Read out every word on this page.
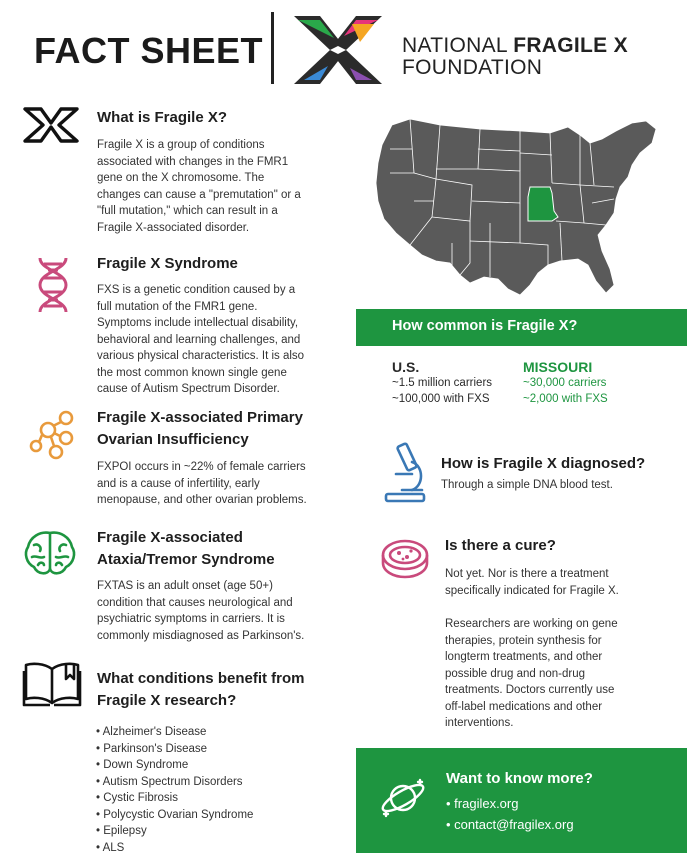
FACT SHEET	NATIONAL FRAGILE X
FOUNDATION
What is Fragile X?
Fragile X is a group of conditions
associated with changes in the FMR1
gene on the X chromosome. The
changes can cause a "premutation" or a
"full mutation," which can result in a
Fragile X-associated disorder.
Fragile X Syndrome
FXS is a genetic condition caused by a
full mutation of the FMR1 gene.
Symptoms include intellectual disability,
behavioral and learning challenges, and
various physical characteristics. It is also
the most common known single gene
cause of Autism Spectrum Disorder.
Fragile X-associated Primary
Ovarian Insufficiency
FXPOI occurs in ~22% of female carriers
and is a cause of infertility, early
menopause, and other ovarian problems.
Fragile X-associated
Ataxia/Tremor Syndrome
FXTAS is an adult onset (age 50+)
condition that causes neurological and
psychiatric symptoms in carriers. It is
commonly misdiagnosed as Parkinson's.
What conditions benefit from
Fragile X research?
• Alzheimer's Disease
• Parkinson's Disease
• Down Syndrome
• Autism Spectrum Disorders
• Cystic Fibrosis
• Polycystic Ovarian Syndrome
• Epilepsy
• ALS
How common is Fragile X?
U.S.
~1.5 million carriers
~100,000 with FXS
MISSOURI
~30,000 carriers
~2,000 with FXS
How is Fragile X diagnosed?
Through a simple DNA blood test.
Is there a cure?
Not yet. Nor is there a treatment
specifically indicated for Fragile X.
Researchers are working on gene
therapies, protein synthesis for
longterm treatments, and other
possible drug and non-drug
treatments. Doctors currently use
off-label medications and other
interventions.
Want to know more?
• fragilex.org
• contact@fragilex.org
